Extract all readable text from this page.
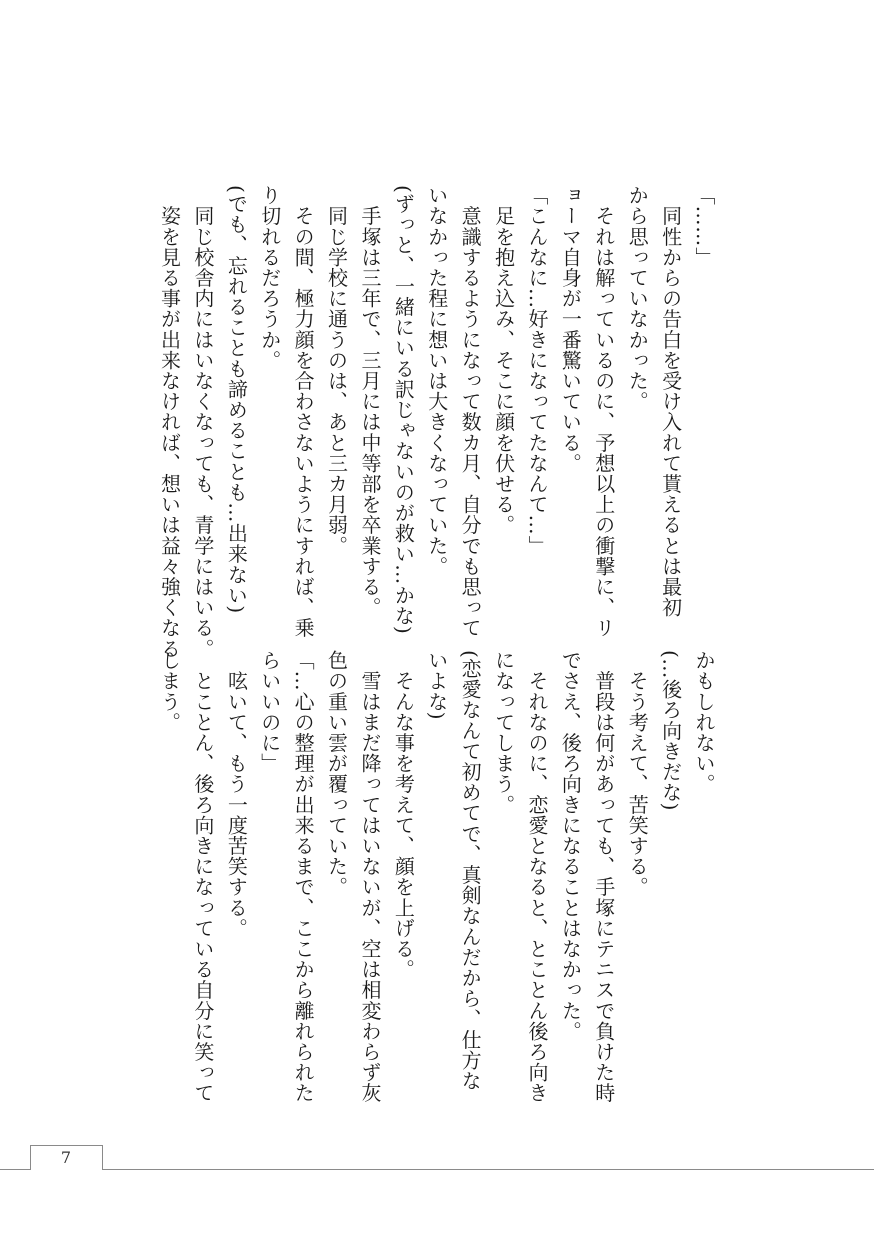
「……」
　同性からの告白を受け入れて貰えるとは最初
から思っていなかった。
　それは解っているのに、予想以上の衝撃に、リ
ョーマ自身が一番驚いている。
「こんなに…好きになってたなんて…」
　足を抱え込み、そこに顔を伏せる。
　意識するようになって数カ月、自分でも思って
いなかった程に想いは大きくなっていた。
(ずっと、一緒にいる訳じゃないのが救い…かな)
　手塚は三年で、三月には中等部を卒業する。
　同じ学校に通うのは、あと三カ月弱。
　その間、極力顔を合わさないようにすれば、乗
り切れるだろうか。
(でも、忘れることも諦めることも…出来ない)
　同じ校舎内にはいなくなっても、青学にはいる。
　姿を見る事が出来なければ、想いは益々強くなる
かもしれない。
(…後ろ向きだな)
　そう考えて、苦笑する。
　普段は何があっても、手塚にテニスで負けた時
でさえ、後ろ向きになることはなかった。
　それなのに、恋愛となると、とことん後ろ向き
になってしまう。
(恋愛なんて初めてで、真剣なんだから、仕方な
いよな)
　そんな事を考えて、顔を上げる。
　雪はまだ降ってはいないが、空は相変わらず灰
色の重い雲が覆っていた。
「…心の整理が出来るまで、ここから離れられた
らいいのに」
　呟いて、もう一度苦笑する。
　とことん、後ろ向きになっている自分に笑って
しまう。
7
